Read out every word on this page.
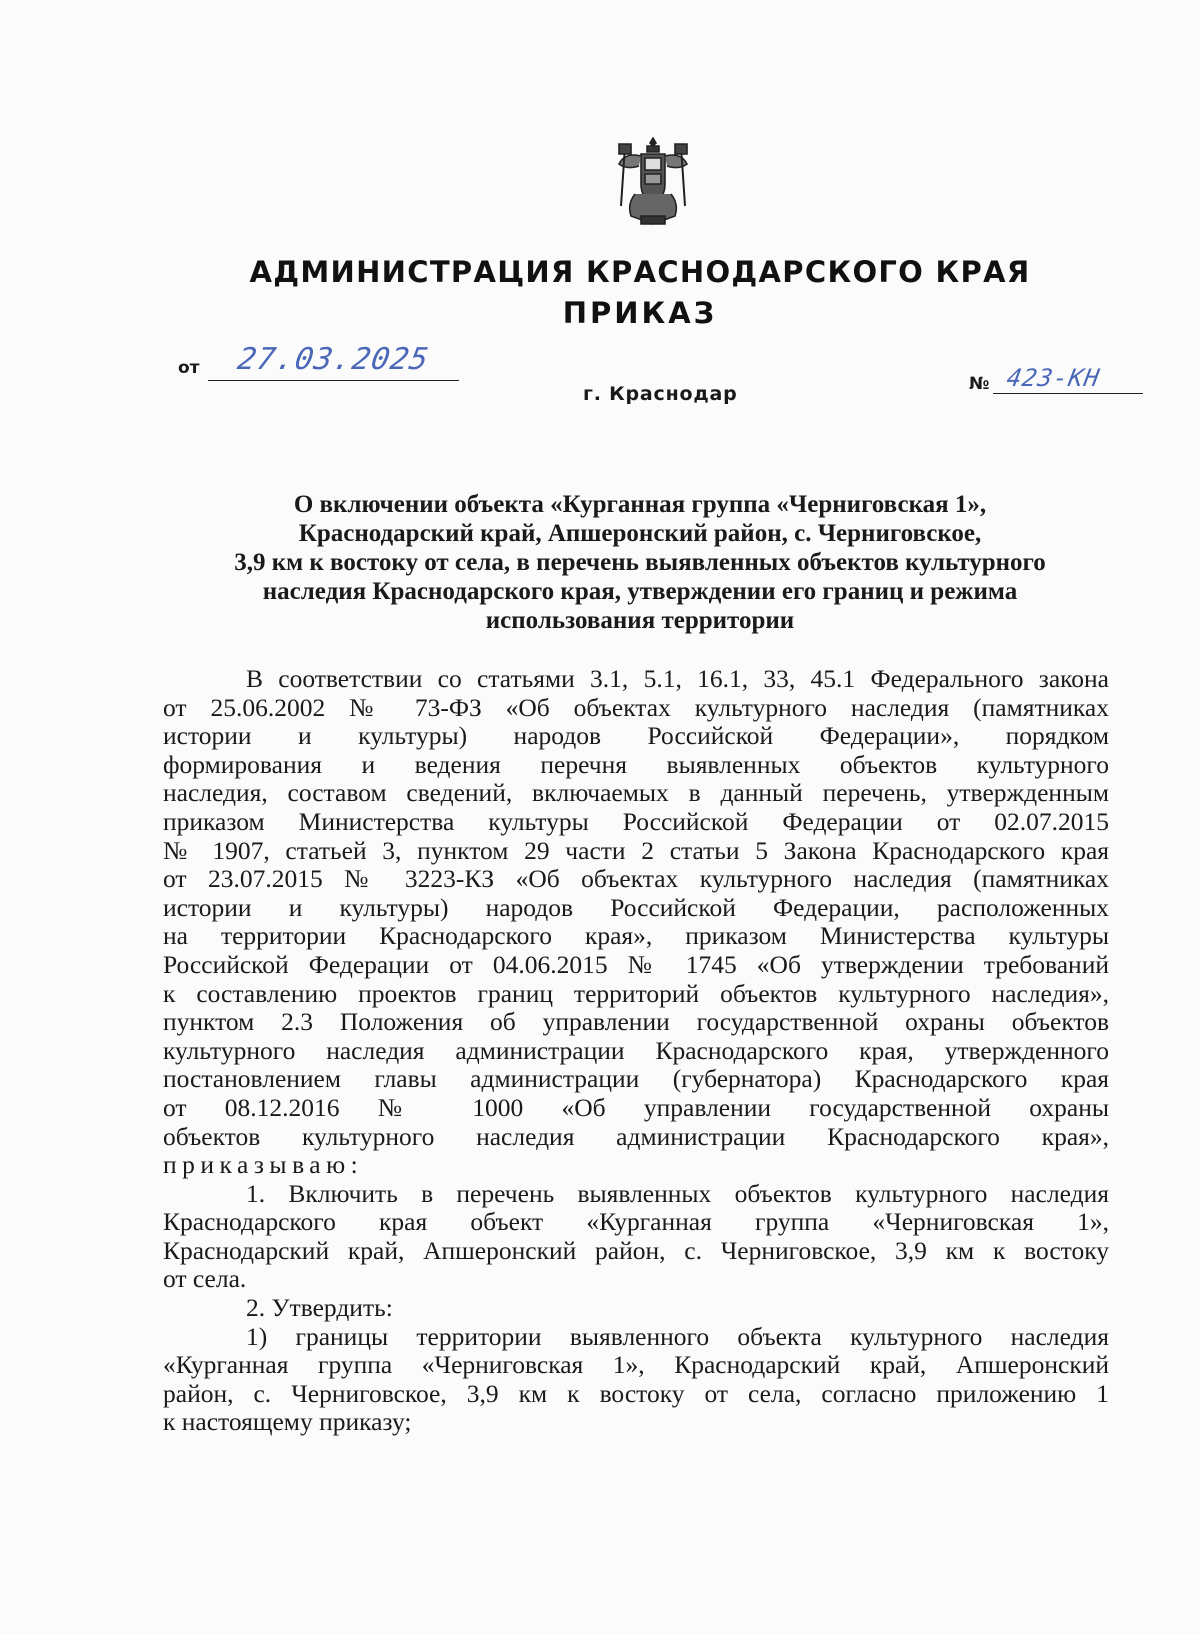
АДМИНИСТРАЦИЯ КРАСНОДАРСКОГО КРАЯ
ПРИКАЗ
от 27.03.2025
г. Краснодар	№ 423-КН
О включении объекта «Курганная группа «Черниговская 1»,
Краснодарский край, Апшеронский район, с. Черниговское,
3,9 км к востоку от села, в перечень выявленных объектов культурного
наследия Краснодарского края, утверждении его границ и режима
использования территории
В соответствии со статьями 3.1, 5.1, 16.1, 33, 45.1 Федерального закона
от 25.06.2002 № 73-ФЗ «Об объектах культурного наследия (памятниках
истории и культуры) народов Российской Федерации», порядком
формирования и ведения перечня выявленных объектов культурного
наследия, составом сведений, включаемых в данный перечень, утвержденным
приказом Министерства культуры Российской Федерации от 02.07.2015
№ 1907, статьей 3, пунктом 29 части 2 статьи 5 Закона Краснодарского края
от 23.07.2015 № 3223-КЗ «Об объектах культурного наследия (памятниках
истории и культуры) народов Российской Федерации, расположенных
на территории Краснодарского края», приказом Министерства культуры
Российской Федерации от 04.06.2015 № 1745 «Об утверждении требований
к составлению проектов границ территорий объектов культурного наследия»,
пунктом 2.3 Положения об управлении государственной охраны объектов
культурного наследия администрации Краснодарского края, утвержденного
постановлением главы администрации (губернатора) Краснодарского края
от 08.12.2016 № 1000 «Об управлении государственной охраны
объектов культурного наследия администрации Краснодарского края»,
приказываю:
1. Включить в перечень выявленных объектов культурного наследия
Краснодарского края объект «Курганная группа «Черниговская 1»,
Краснодарский край, Апшеронский район, с. Черниговское, 3,9 км к востоку
от села.
2. Утвердить:
1) границы территории выявленного объекта культурного наследия
«Курганная группа «Черниговская 1», Краснодарский край, Апшеронский
район, с. Черниговское, 3,9 км к востоку от села, согласно приложению 1
к настоящему приказу;
